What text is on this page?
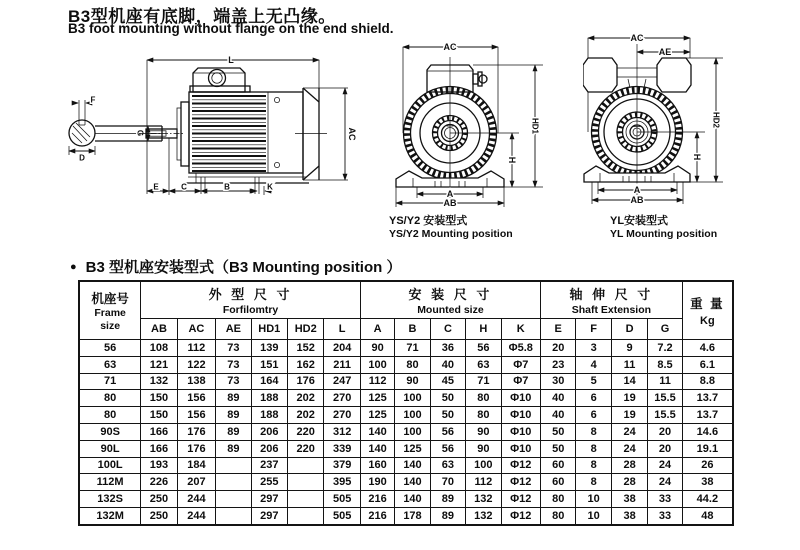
B3型机座有底脚，端盖上无凸缘。
B3 foot mounting without flange on the end shield.
F
D
G
L
AC
E	C	B	K
AC
H
HD1
A
AB
AC
AE
H
HD2
A
AB
YS/Y2 安装型式
YS/Y2 Mounting position
YL安装型式
YL Mounting position
● B3 型机座安装型式（B3 Mounting position ）
机座号
Frame
size

外 型 尺 寸
Forfilomtry

安 装 尺 寸
Mounted size

轴 伸 尺 寸
Shaft Extension	重 量
Kg

	AB	AC	AE	HD1	HD2	L	A	B	C	H	K	E	F	D	G	
56	108	112	73	139	152	204	90	71	36	56	Φ5.8	20	3	9	7.2	4.6
63	121	122	73	151	162	211	100	80	40	63	Φ7	23	4	11	8.5	6.1
71	132	138	73	164	176	247	112	90	45	71	Φ7	30	5	14	11	8.8
80	150	156	89	188	202	270	125	100	50	80	Φ10	40	6	19	15.5	13.7
80	150	156	89	188	202	270	125	100	50	80	Φ10	40	6	19	15.5	13.7
90S	166	176	89	206	220	312	140	100	56	90	Φ10	50	8	24	20	14.6
90L	166	176	89	206	220	339	140	125	56	90	Φ10	50	8	24	20	19.1
100L	193	184		237		379	160	140	63	100	Φ12	60	8	28	24	26
112M	226	207		255		395	190	140	70	112	Φ12	60	8	28	24	38
132S	250	244		297		505	216	140	89	132	Φ12	80	10	38	33	44.2
132M	250	244		297		505	216	178	89	132	Φ12	80	10	38	33	48
